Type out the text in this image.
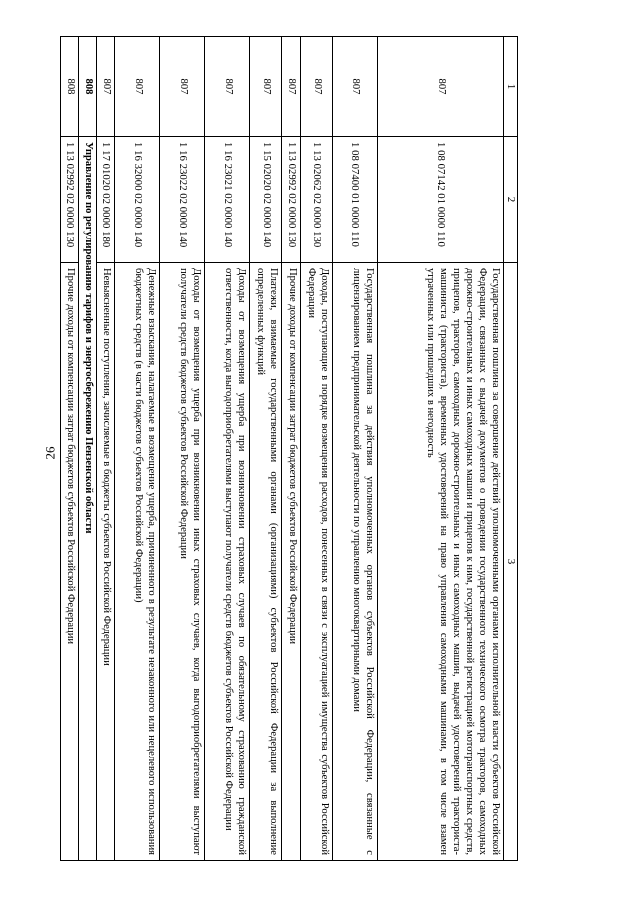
26
1	2	3
807	1 08 07142 01 0000 110	Государственная пошлина за совершение действий уполномоченными органами исполнительной власти субъектов Российской Федерации, связанных с выдачей документов о проведении государственного технического осмотра тракторов, самоходных дорожно-строительных и иных самоходных машин и прицепов к ним, государственной регистрацией мототранспортных средств, прицепов, тракторов, самоходных дорожно-строительных и иных самоходных машин, выдачей удостоверений тракториста-машиниста (тракториста), временных удостоверений на право управления самоходными машинами, в том числе взамен утраченных или пришедших в негодность
807	1 08 07400 01 0000 110	Государственная пошлина за действия уполномоченных органов субъектов Российской Федерации, связанные с лицензированием предпринимательской деятельности по управлению многоквартирными домами
807	1 13 02062 02 0000 130	Доходы, поступающие в порядке возмещения расходов, понесенных в связи с эксплуатацией имущества субъектов Российской Федерации
807	1 13 02992 02 0000 130	Прочие доходы от компенсации затрат бюджетов субъектов Российской Федерации
807	1 15 02020 02 0000 140	Платежи, взимаемые государственными органами (организациями) субъектов Российской Федерации за выполнение определенных функций
807	1 16 23021 02 0000 140	Доходы от возмещения ущерба при возникновении страховых случаев по обязательному страхованию гражданской ответственности, когда выгодоприобретателями выступают получатели средств бюджетов субъектов Российской Федерации
807	1 16 23022 02 0000 140	Доходы от возмещения ущерба при возникновении иных страховых случаев, когда выгодоприобретателями выступают получатели средств бюджетов субъектов Российской Федерации
807	1 16 32000 02 0000 140	Денежные взыскания, налагаемые в возмещение ущерба, причиненного в результате незаконного или нецелевого использования бюджетных средств (в части бюджетов субъектов Российской Федерации)
807	1 17 01020 02 0000 180	Невыясненные поступления, зачисляемые в бюджеты субъектов Российской Федерации
808	Управление по регулированию тарифов и энергосбережению Пензенской области	
808	1 13 02992 02 0000 130	Прочие доходы от компенсации затрат бюджетов субъектов Российской Федерации
